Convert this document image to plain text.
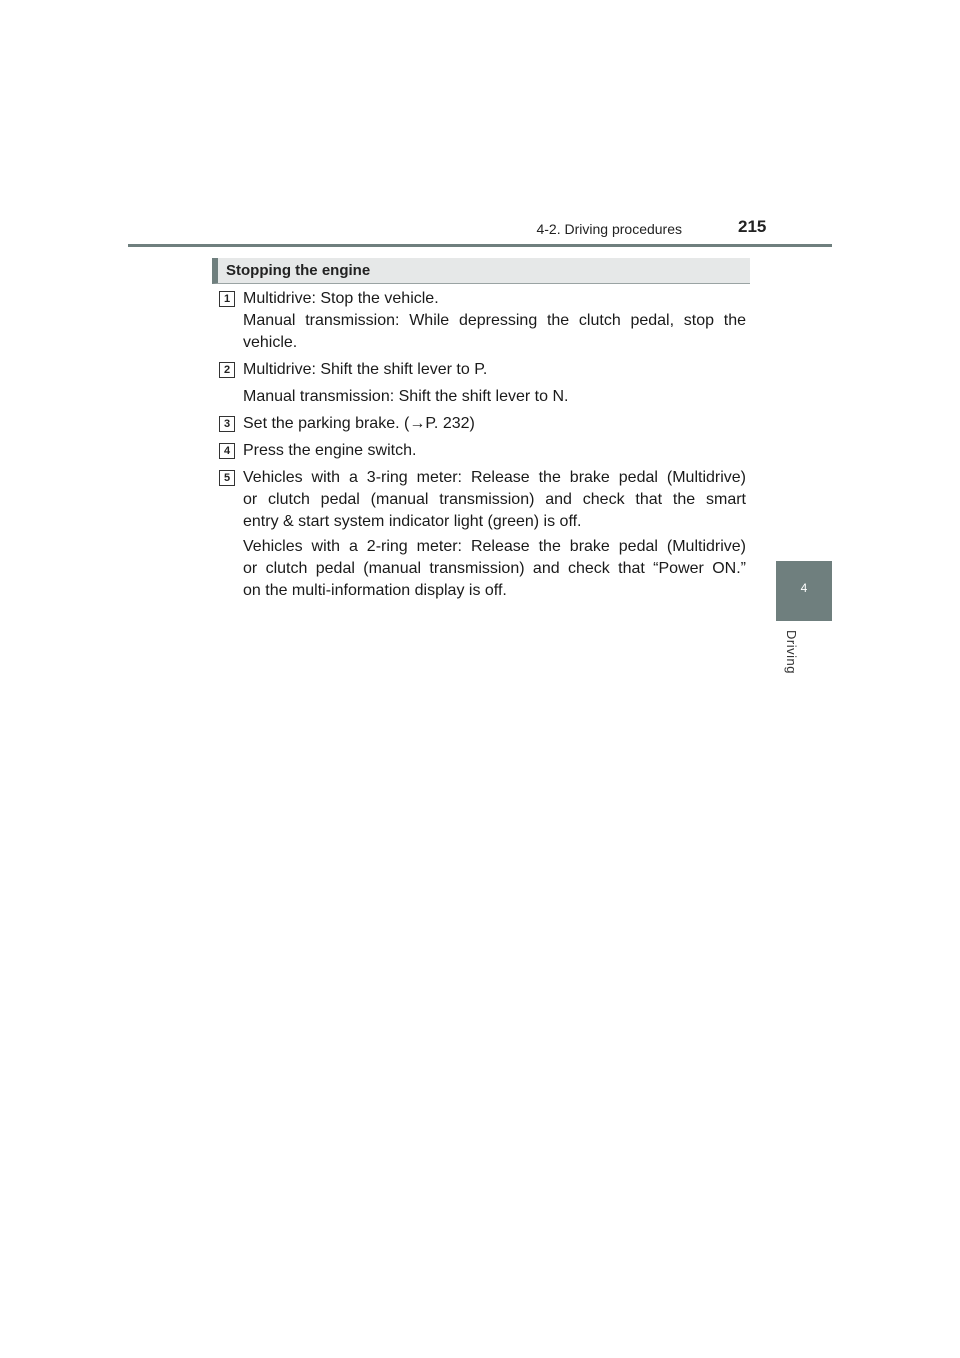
4-2. Driving procedures	215
4
Driving
Stopping the engine
1 Multidrive: Stop the vehicle.
Manual transmission: While depressing the clutch pedal, stop the
vehicle.
2 Multidrive: Shift the shift lever to P.
Manual transmission: Shift the shift lever to N.
3 Set the parking brake. (→P. 232)
4 Press the engine switch.
5 Vehicles with a 3-ring meter: Release the brake pedal (Multidrive)
or clutch pedal (manual transmission) and check that the smart
entry & start system indicator light (green) is off.
Vehicles with a 2-ring meter: Release the brake pedal (Multidrive)
or clutch pedal (manual transmission) and check that “Power ON.”
on the multi-information display is off.
